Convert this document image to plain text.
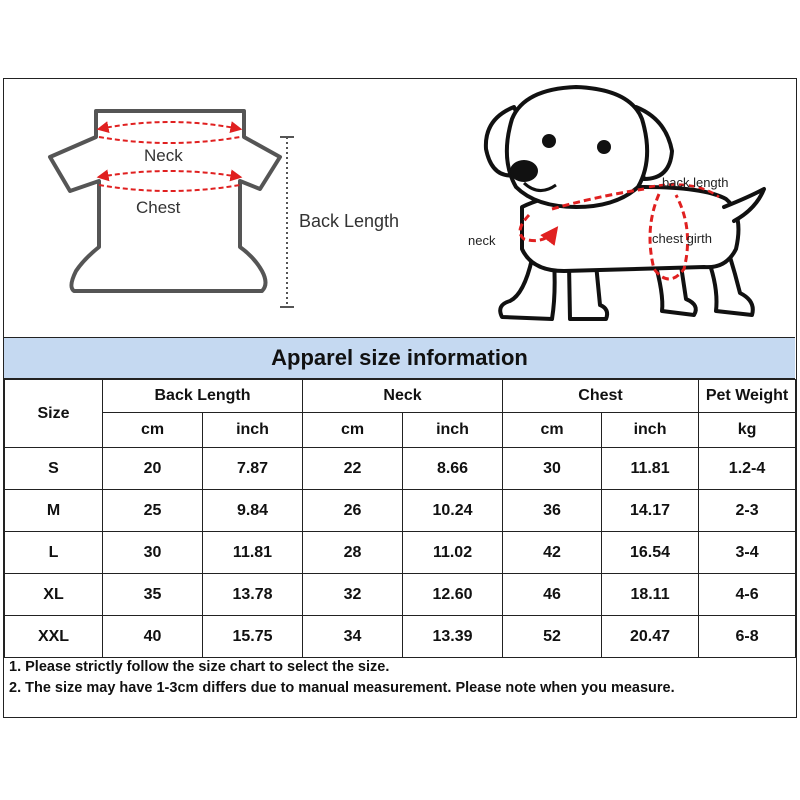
Neck
Chest
Back Length
back length
neck	chest girth
Apparel size information
Size	Back Length		Neck		Chest		Pet Weight
	cm	inch	cm	inch	cm	inch	kg
S	20	7.87	22	8.66	30	11.81	1.2-4
M	25	9.84	26	10.24	36	14.17	2-3
L	30	11.81	28	11.02	42	16.54	3-4
XL	35	13.78	32	12.60	46	18.11	4-6
XXL	40	15.75	34	13.39	52	20.47	6-8
1. Please strictly follow the size chart to select the size.
2. The size may have 1-3cm differs due to manual measurement. Please note when you measure.
